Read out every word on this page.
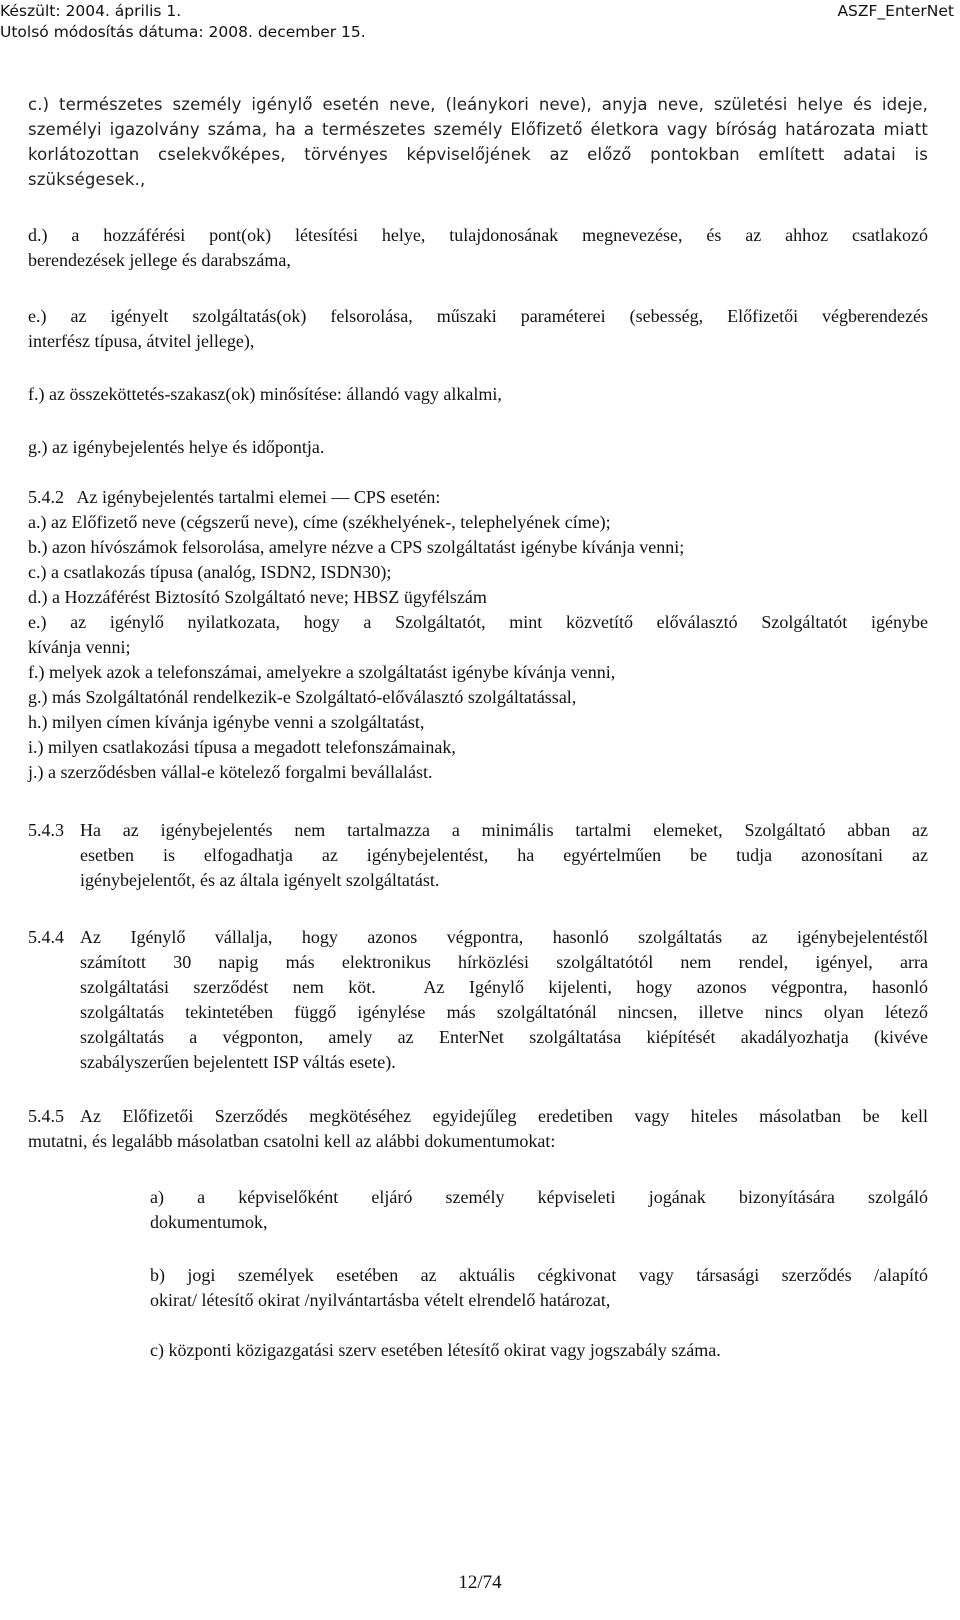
Készült: 2004. április 1.
Utolsó módosítás dátuma: 2008. december 15.
ASZF_EnterNet
c.) természetes személy igénylő esetén neve, (leánykori neve), anyja neve, születési helye és ideje,
személyi igazolvány száma, ha a természetes személy Előfizető életkora vagy bíróság határozata miatt
korlátozottan cselekvőképes, törvényes képviselőjének az előző pontokban említett adatai is
szükségesek.,
d.) a hozzáférési pont(ok) létesítési helye, tulajdonosának megnevezése, és az ahhoz csatlakozó
berendezések jellege és darabszáma,
e.) az igényelt szolgáltatás(ok) felsorolása, műszaki paraméterei (sebesség, Előfizetői végberendezés
interfész típusa, átvitel jellege),
f.) az összeköttetés-szakasz(ok) minősítése: állandó vagy alkalmi,
g.) az igénybejelentés helye és időpontja.
5.4.2   Az igénybejelentés tartalmi elemei — CPS esetén:
a.) az Előfizető neve (cégszerű neve), címe (székhelyének-, telephelyének címe);
b.) azon hívószámok felsorolása, amelyre nézve a CPS szolgáltatást igénybe kívánja venni;
c.) a csatlakozás típusa (analóg, ISDN2, ISDN30);
d.) a Hozzáférést Biztosító Szolgáltató neve; HBSZ ügyfélszám
e.) az igénylő nyilatkozata, hogy a Szolgáltatót, mint közvetítő előválasztó Szolgáltatót igénybe
kívánja venni;
f.) melyek azok a telefonszámai, amelyekre a szolgáltatást igénybe kívánja venni,
g.) más Szolgáltatónál rendelkezik-e Szolgáltató-előválasztó szolgáltatással,
h.) milyen címen kívánja igénybe venni a szolgáltatást,
i.) milyen csatlakozási típusa a megadott telefonszámainak,
j.) a szerződésben vállal-e kötelező forgalmi bevállalást.
5.4.3 Ha az igénybejelentés nem tartalmazza a minimális tartalmi elemeket, Szolgáltató abban az
esetben is elfogadhatja az igénybejelentést, ha egyértelműen be tudja azonosítani az
igénybejelentőt, és az általa igényelt szolgáltatást.
5.4.4 Az Igénylő vállalja, hogy azonos végpontra, hasonló szolgáltatás az igénybejelentéstől
számított 30 napig más elektronikus hírközlési szolgáltatótól nem rendel, igényel, arra
szolgáltatási szerződést nem köt.  Az Igénylő kijelenti, hogy azonos végpontra, hasonló
szolgáltatás tekintetében függő igénylése más szolgáltatónál nincsen, illetve nincs olyan létező
szolgáltatás a végponton, amely az EnterNet szolgáltatása kiépítését akadályozhatja (kivéve
szabályszerűen bejelentett ISP váltás esete).
5.4.5 Az Előfizetői Szerződés megkötéséhez egyidejűleg eredetiben vagy hiteles másolatban be kell
mutatni, és legalább másolatban csatolni kell az alábbi dokumentumokat:
a) a képviselőként eljáró személy képviseleti jogának bizonyítására szolgáló
dokumentumok,
b) jogi személyek esetében az aktuális cégkivonat vagy társasági szerződés /alapító
okirat/ létesítő okirat /nyilvántartásba vételt elrendelő határozat,
c) központi közigazgatási szerv esetében létesítő okirat vagy jogszabály száma.
12/74
